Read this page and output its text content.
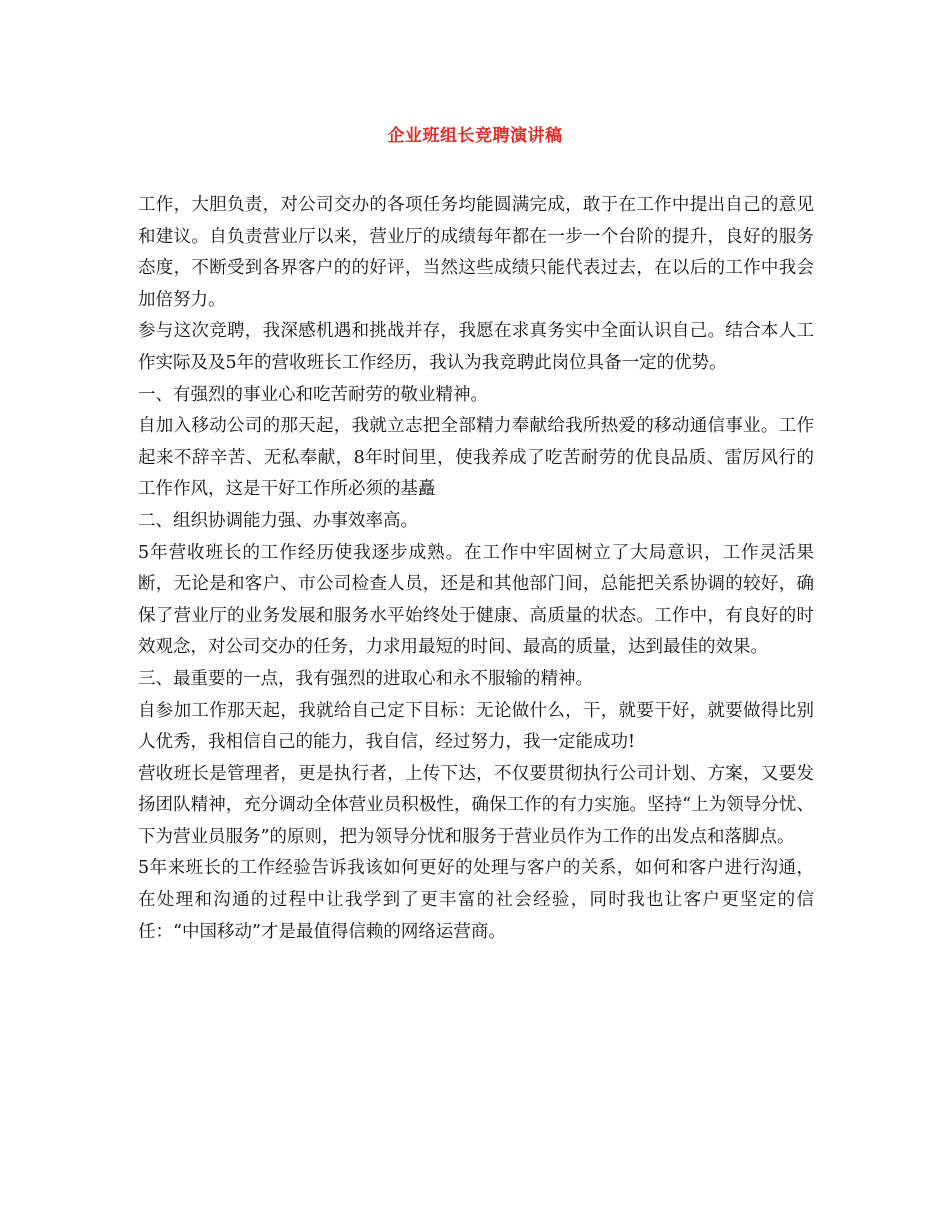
企业班组长竞聘演讲稿

工作，大胆负责，对公司交办的各项任务均能圆满完成，敢于在工作中提出自己的意见和建议。自负责营业厅以来，营业厅的成绩每年都在一步一个台阶的提升，良好的服务态度，不断受到各界客户的的好评，当然这些成绩只能代表过去，在以后的工作中我会加倍努力。

参与这次竞聘，我深感机遇和挑战并存，我愿在求真务实中全面认识自己。结合本人工作实际及及5年的营收班长工作经历，我认为我竞聘此岗位具备一定的优势。

一、有强烈的事业心和吃苦耐劳的敬业精神。

自加入移动公司的那天起，我就立志把全部精力奉献给我所热爱的移动通信事业。工作起来不辞辛苦、无私奉献，8年时间里，使我养成了吃苦耐劳的优良品质、雷厉风行的工作作风，这是干好工作所必须的基矗

二、组织协调能力强、办事效率高。

5年营收班长的工作经历使我逐步成熟。在工作中牢固树立了大局意识，工作灵活果断，无论是和客户、市公司检查人员，还是和其他部门间，总能把关系协调的较好，确保了营业厅的业务发展和服务水平始终处于健康、高质量的状态。工作中，有良好的时效观念，对公司交办的任务，力求用最短的时间、最高的质量，达到最佳的效果。

三、最重要的一点，我有强烈的进取心和永不服输的精神。

自参加工作那天起，我就给自己定下目标：无论做什么，干，就要干好，就要做得比别人优秀，我相信自己的能力，我自信，经过努力，我一定能成功!

营收班长是管理者，更是执行者，上传下达，不仅要贯彻执行公司计划、方案，又要发扬团队精神，充分调动全体营业员积极性，确保工作的有力实施。坚持“上为领导分忧、下为营业员服务”的原则，把为领导分忧和服务于营业员作为工作的出发点和落脚点。

5年来班长的工作经验告诉我该如何更好的处理与客户的关系，如何和客户进行沟通，在处理和沟通的过程中让我学到了更丰富的社会经验，同时我也让客户更坚定的信任：“中国移动”才是最值得信赖的网络运营商。
